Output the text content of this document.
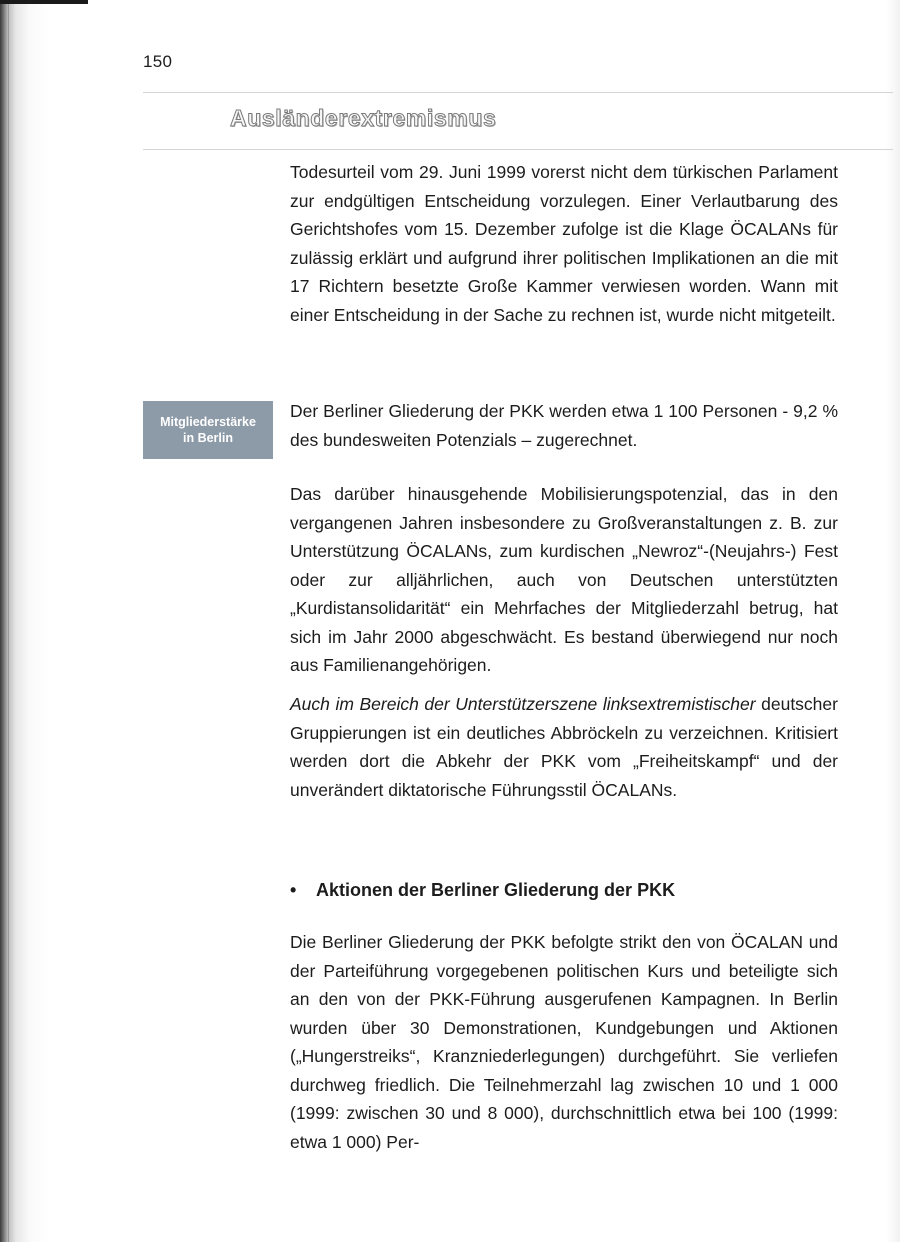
150
Ausländerextremismus
Todesurteil vom 29. Juni 1999 vorerst nicht dem türkischen Parlament zur endgültigen Entscheidung vorzulegen. Einer Verlautbarung des Gerichtshofes vom 15. Dezember zufolge ist die Klage ÖCALANs für zulässig erklärt und aufgrund ihrer politischen Implikationen an die mit 17 Richtern besetzte Große Kammer verwiesen worden. Wann mit einer Entscheidung in der Sache zu rechnen ist, wurde nicht mitgeteilt.
Mitgliederstärke
in Berlin
Der Berliner Gliederung der PKK werden etwa 1 100 Personen - 9,2 % des bundesweiten Potenzials – zugerechnet.
Das darüber hinausgehende Mobilisierungspotenzial, das in den vergangenen Jahren insbesondere zu Großveranstaltungen z. B. zur Unterstützung ÖCALANs, zum kurdischen „Newroz“-(Neujahrs-) Fest oder zur alljährlichen, auch von Deutschen unterstützten „Kurdistansolidarität“ ein Mehrfaches der Mitgliederzahl betrug, hat sich im Jahr 2000 abgeschwächt. Es bestand überwiegend nur noch aus Familienangehörigen.
Auch im Bereich der Unterstützerszene linksextremistischer deutscher Gruppierungen ist ein deutliches Abbröckeln zu verzeichnen. Kritisiert werden dort die Abkehr der PKK vom „Freiheitskampf“ und der unverändert diktatorische Führungsstil ÖCALANs.
• Aktionen der Berliner Gliederung der PKK
Die Berliner Gliederung der PKK befolgte strikt den von ÖCALAN und der Parteiführung vorgegebenen politischen Kurs und beteiligte sich an den von der PKK-Führung ausgerufenen Kampagnen. In Berlin wurden über 30 Demonstrationen, Kundgebungen und Aktionen („Hungerstreiks“, Kranzniederlegungen) durchgeführt. Sie verliefen durchweg friedlich. Die Teilnehmerzahl lag zwischen 10 und 1 000 (1999: zwischen 30 und 8 000), durchschnittlich etwa bei 100 (1999: etwa 1 000) Per-
